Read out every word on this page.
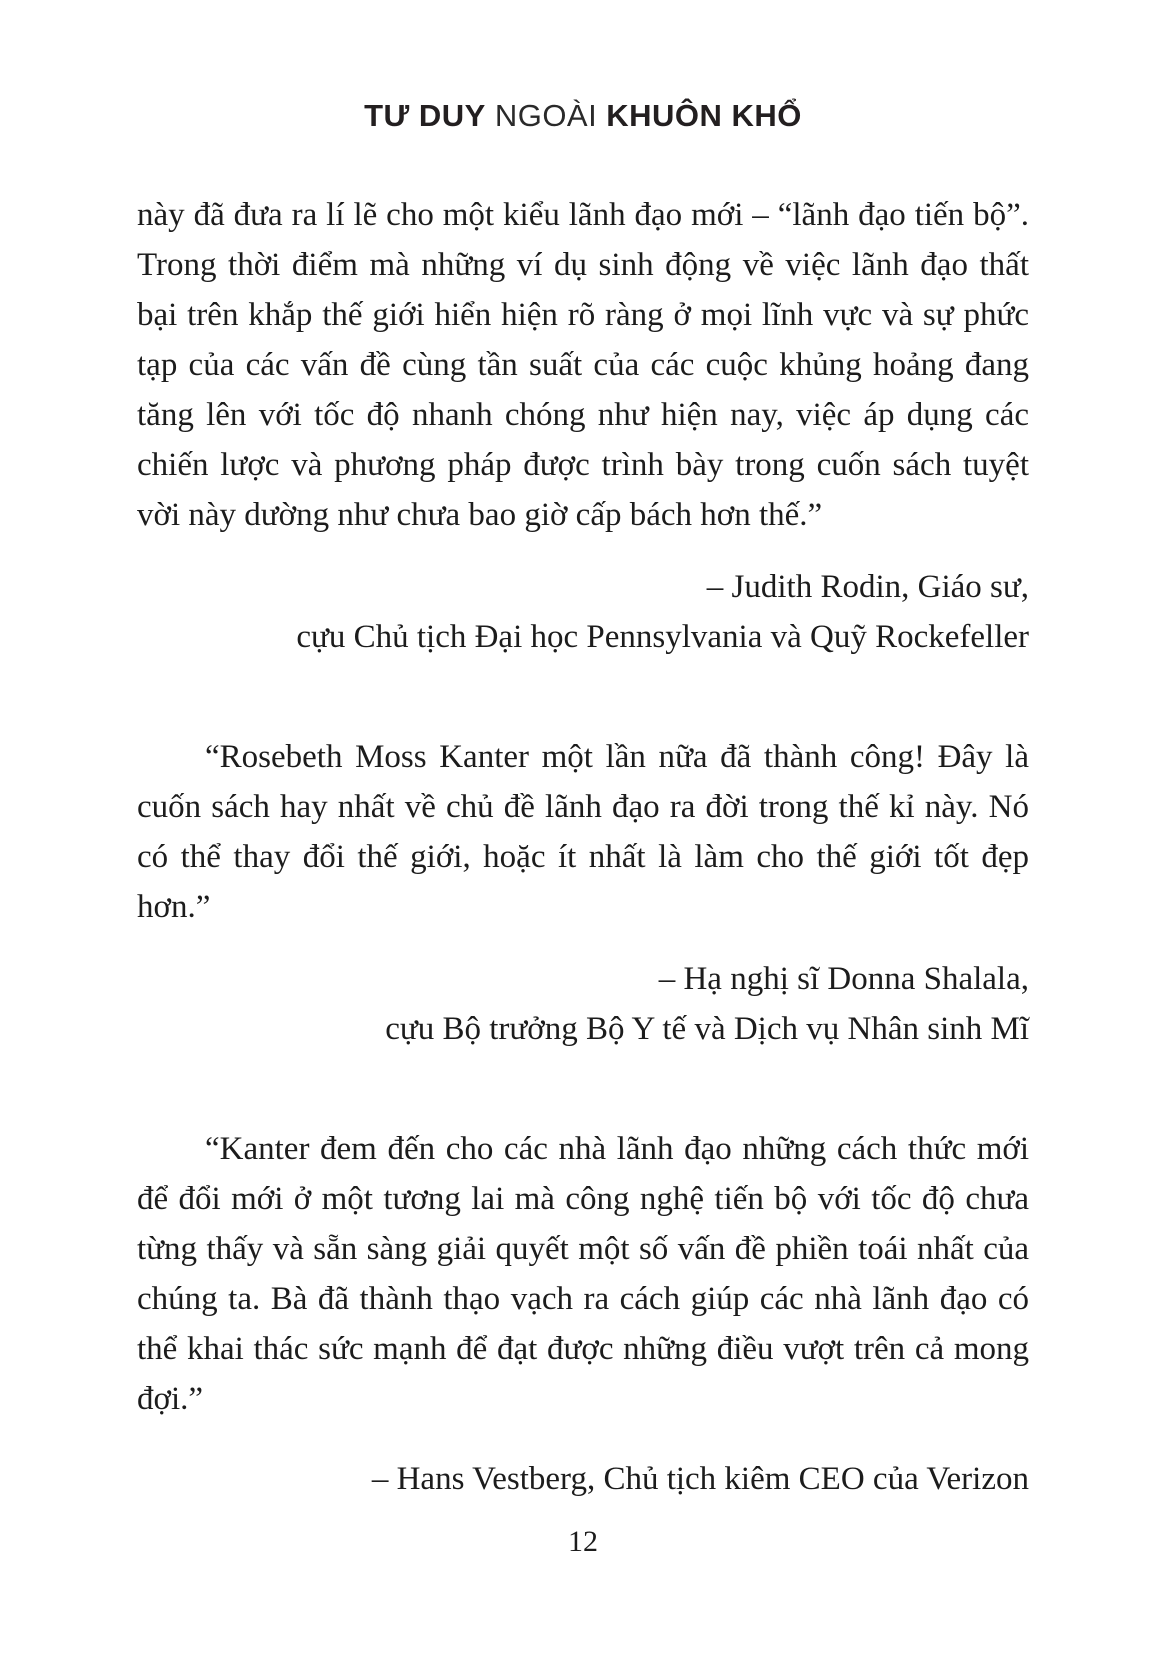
TƯ DUY NGOÀI KHUÔN KHỔ

này đã đưa ra lí lẽ cho một kiểu lãnh đạo mới – “lãnh đạo tiến bộ”. Trong thời điểm mà những ví dụ sinh động về việc lãnh đạo thất bại trên khắp thế giới hiển hiện rõ ràng ở mọi lĩnh vực và sự phức tạp của các vấn đề cùng tần suất của các cuộc khủng hoảng đang tăng lên với tốc độ nhanh chóng như hiện nay, việc áp dụng các chiến lược và phương pháp được trình bày trong cuốn sách tuyệt vời này dường như chưa bao giờ cấp bách hơn thế.”

– Judith Rodin, Giáo sư,
cựu Chủ tịch Đại học Pennsylvania và Quỹ Rockefeller

“Rosebeth Moss Kanter một lần nữa đã thành công! Đây là cuốn sách hay nhất về chủ đề lãnh đạo ra đời trong thế kỉ này. Nó có thể thay đổi thế giới, hoặc ít nhất là làm cho thế giới tốt đẹp hơn.”

– Hạ nghị sĩ Donna Shalala,
cựu Bộ trưởng Bộ Y tế và Dịch vụ Nhân sinh Mĩ

“Kanter đem đến cho các nhà lãnh đạo những cách thức mới để đổi mới ở một tương lai mà công nghệ tiến bộ với tốc độ chưa từng thấy và sẵn sàng giải quyết một số vấn đề phiền toái nhất của chúng ta. Bà đã thành thạo vạch ra cách giúp các nhà lãnh đạo có thể khai thác sức mạnh để đạt được những điều vượt trên cả mong đợi.”

– Hans Vestberg, Chủ tịch kiêm CEO của Verizon
12
